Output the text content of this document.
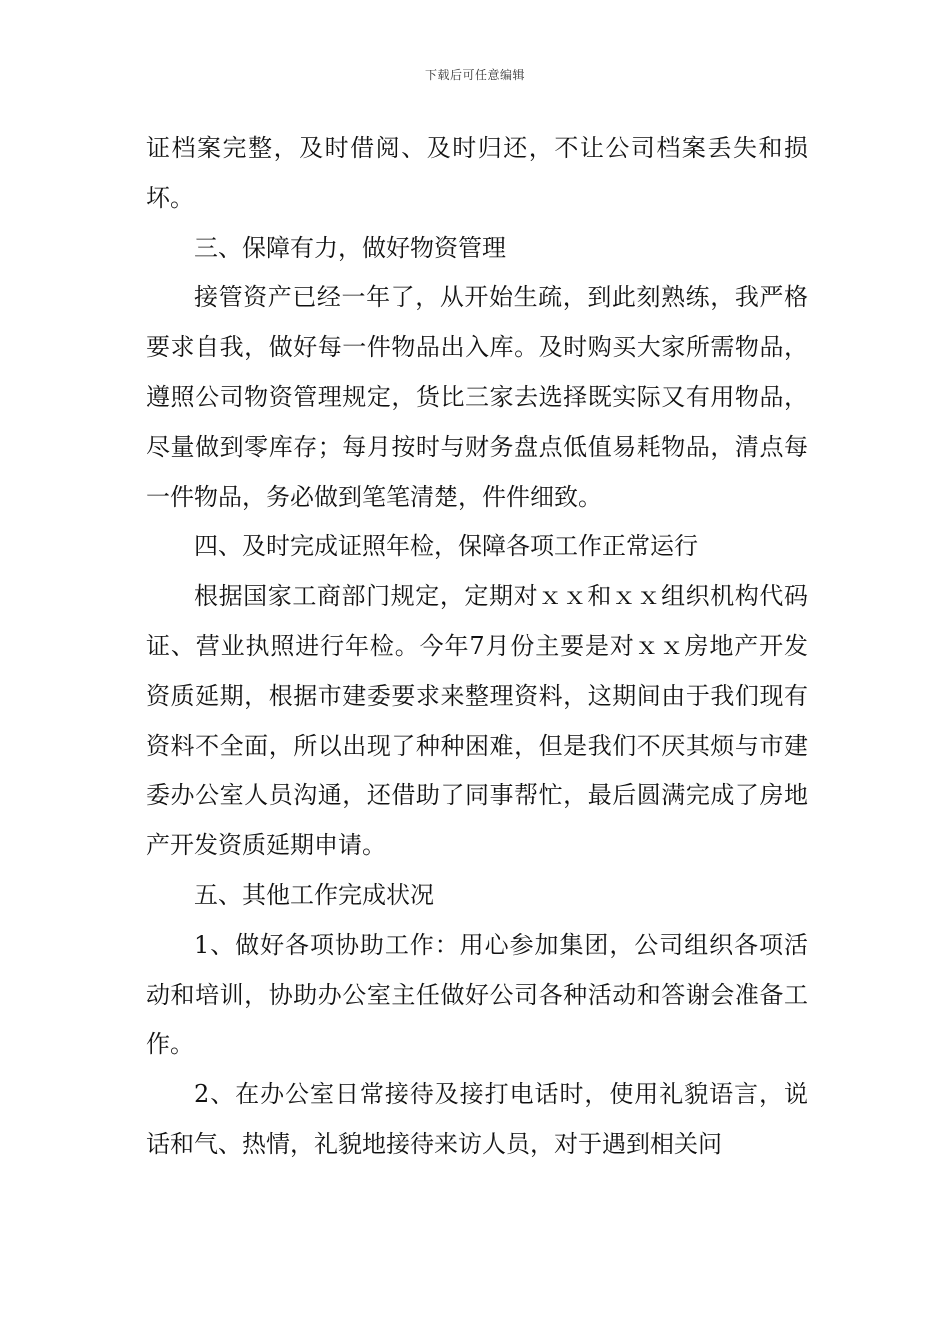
下载后可任意编辑

证档案完整，及时借阅、及时归还，不让公司档案丢失和损坏。

三、保障有力，做好物资管理

接管资产已经一年了，从开始生疏，到此刻熟练，我严格要求自我，做好每一件物品出入库。及时购买大家所需物品，遵照公司物资管理规定，货比三家去选择既实际又有用物品，尽量做到零库存；每月按时与财务盘点低值易耗物品，清点每一件物品，务必做到笔笔清楚，件件细致。

四、及时完成证照年检，保障各项工作正常运行

根据国家工商部门规定，定期对ｘｘ和ｘｘ组织机构代码证、营业执照进行年检。今年7月份主要是对ｘｘ房地产开发资质延期，根据市建委要求来整理资料，这期间由于我们现有资料不全面，所以出现了种种困难，但是我们不厌其烦与市建委办公室人员沟通，还借助了同事帮忙，最后圆满完成了房地产开发资质延期申请。

五、其他工作完成状况

1、做好各项协助工作：用心参加集团，公司组织各项活动和培训，协助办公室主任做好公司各种活动和答谢会准备工作。

2、在办公室日常接待及接打电话时，使用礼貌语言，说话和气、热情，礼貌地接待来访人员，对于遇到相关问
